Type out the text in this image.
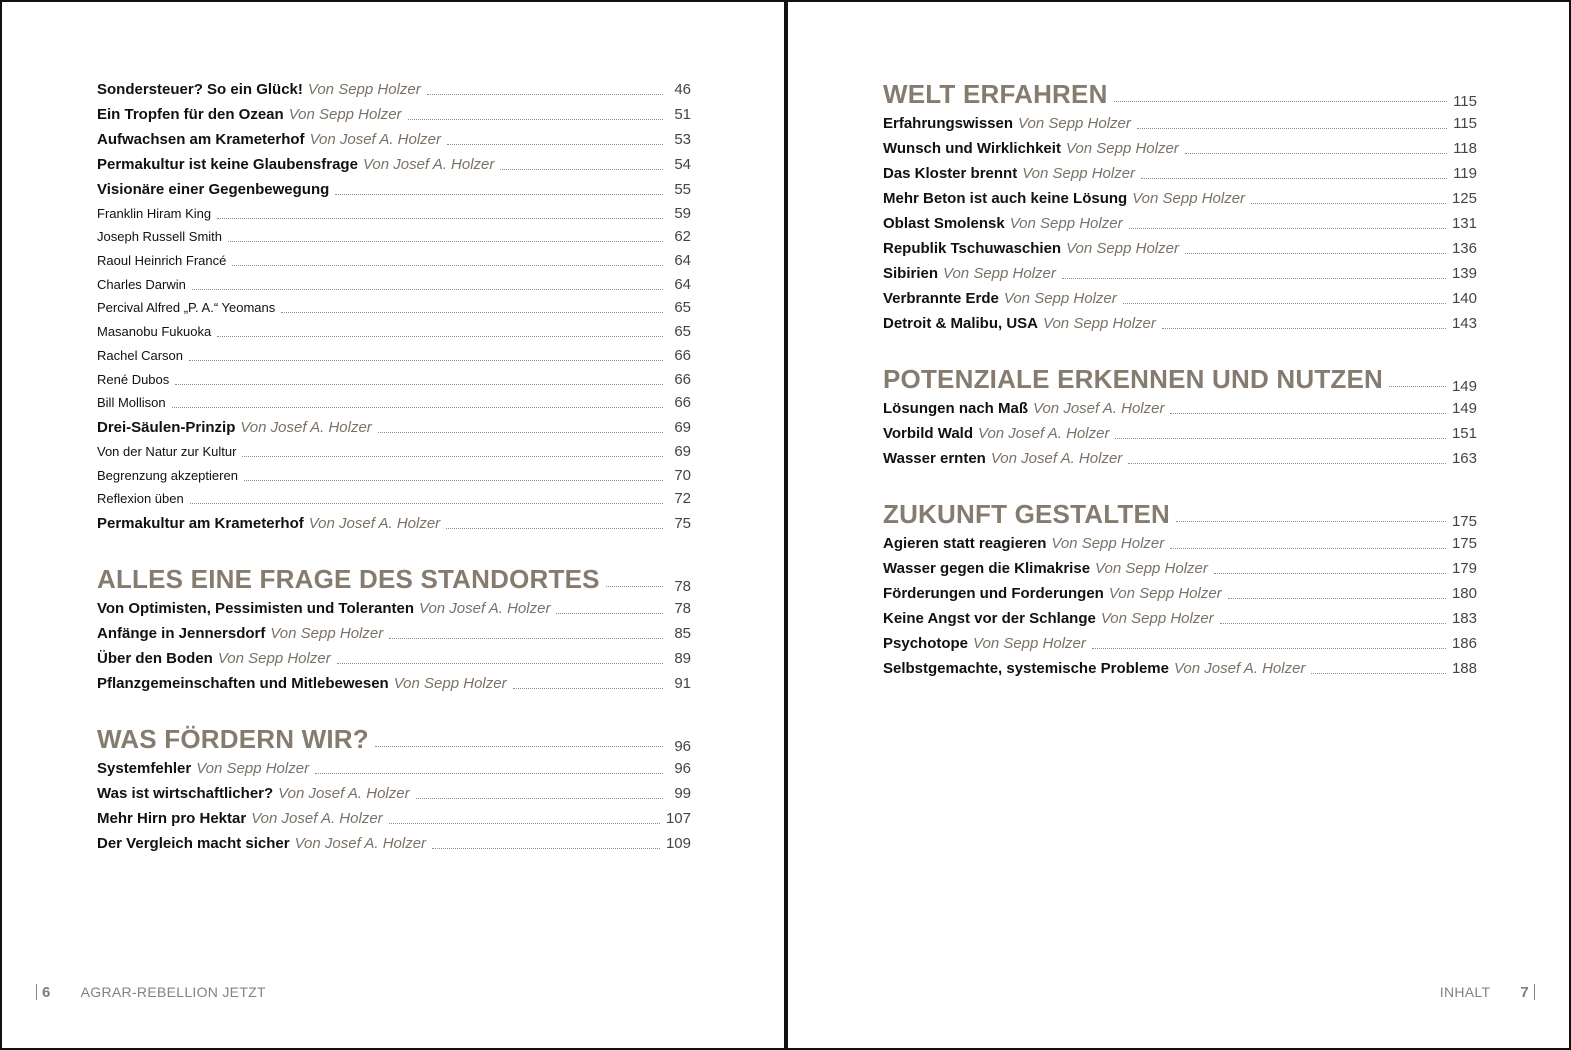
Sondersteuer? So ein Glück! Von Sepp Holzer	46
Ein Tropfen für den Ozean Von Sepp Holzer	51
Aufwachsen am Krameterhof Von Josef A. Holzer	53
Permakultur ist keine Glaubensfrage Von Josef A. Holzer	54
Visionäre einer Gegenbewegung	55
Franklin Hiram King	59
Joseph Russell Smith	62
Raoul Heinrich Francé	64
Charles Darwin	64
Percival Alfred „P. A.“ Yeomans	65
Masanobu Fukuoka	65
Rachel Carson	66
René Dubos	66
Bill Mollison	66
Drei-Säulen-Prinzip Von Josef A. Holzer	69
Von der Natur zur Kultur	69
Begrenzung akzeptieren	70
Reflexion üben	72
Permakultur am Krameterhof Von Josef A. Holzer	75
ALLES EINE FRAGE DES STANDORTES	78
Von Optimisten, Pessimisten und Toleranten Von Josef A. Holzer	78
Anfänge in Jennersdorf Von Sepp Holzer	85
Über den Boden Von Sepp Holzer	89
Pflanzgemeinschaften und Mitlebewesen Von Sepp Holzer	91
WAS FÖRDERN WIR?	96
Systemfehler Von Sepp Holzer	96
Was ist wirtschaftlicher? Von Josef A. Holzer	99
Mehr Hirn pro Hektar Von Josef A. Holzer	107
Der Vergleich macht sicher Von Josef A. Holzer	109
6 AGRAR-REBELLION JETZT
WELT ERFAHREN	115
Erfahrungswissen Von Sepp Holzer	115
Wunsch und Wirklichkeit Von Sepp Holzer	118
Das Kloster brennt Von Sepp Holzer	119
Mehr Beton ist auch keine Lösung Von Sepp Holzer	125
Oblast Smolensk Von Sepp Holzer	131
Republik Tschuwaschien Von Sepp Holzer	136
Sibirien Von Sepp Holzer	139
Verbrannte Erde Von Sepp Holzer	140
Detroit & Malibu, USA Von Sepp Holzer	143
POTENZIALE ERKENNEN UND NUTZEN	149
Lösungen nach Maß Von Josef A. Holzer	149
Vorbild Wald Von Josef A. Holzer	151
Wasser ernten Von Josef A. Holzer	163
ZUKUNFT GESTALTEN	175
Agieren statt reagieren Von Sepp Holzer	175
Wasser gegen die Klimakrise Von Sepp Holzer	179
Förderungen und Forderungen Von Sepp Holzer	180
Keine Angst vor der Schlange Von Sepp Holzer	183
Psychotope Von Sepp Holzer	186
Selbstgemachte, systemische Probleme Von Josef A. Holzer	188
INHALT 7
